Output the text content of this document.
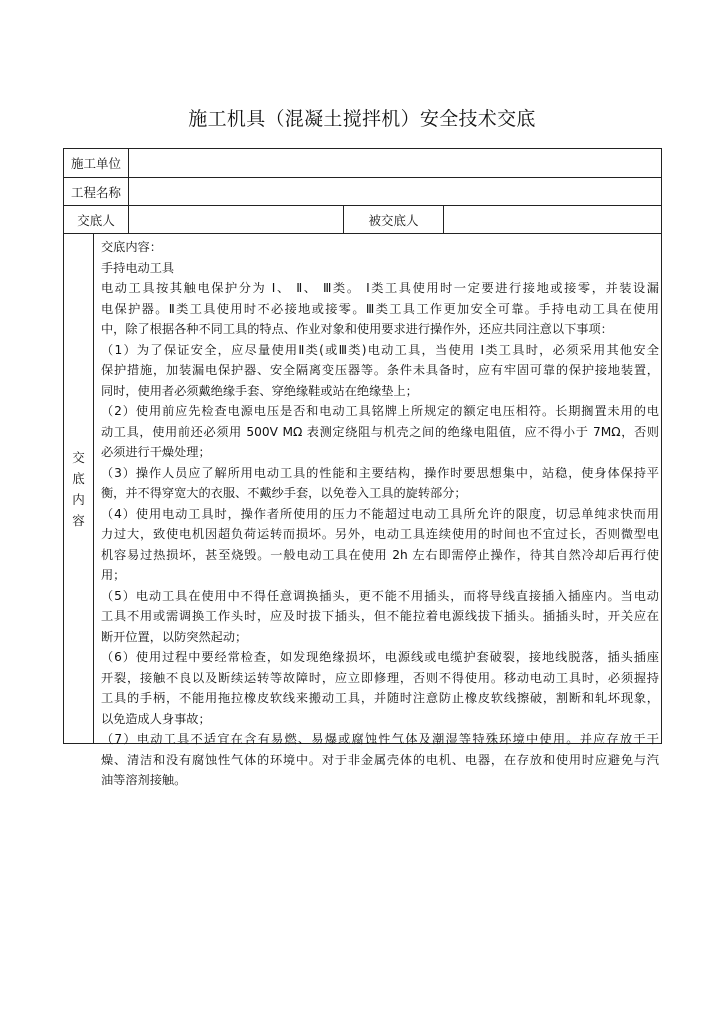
施工机具（混凝土搅拌机）安全技术交底
施工单位
工程名称
交底人	被交底人
交
底
内
容
交底内容：
手持电动工具
电动工具按其触电保护分为 Ⅰ、 Ⅱ、 Ⅲ类。 Ⅰ类工具使用时一定要进行接地或接零，并装设漏
电保护器。Ⅱ类工具使用时不必接地或接零。Ⅲ类工具工作更加安全可靠。手持电动工具在使用
中，除了根据各种不同工具的特点、作业对象和使用要求进行操作外，还应共同注意以下事项：
（1）为了保证安全，应尽量使用Ⅱ类(或Ⅲ类)电动工具，当使用 Ⅰ类工具时，必须采用其他安全
保护措施，加装漏电保护器、安全隔离变压器等。条件未具备时，应有牢固可靠的保护接地装置，
同时，使用者必须戴绝缘手套、穿绝缘鞋或站在绝缘垫上；
（2）使用前应先检查电源电压是否和电动工具铭牌上所规定的额定电压相符。长期搁置未用的电
动工具，使用前还必须用 500V MΩ 表测定绕阻与机壳之间的绝缘电阻值，应不得小于 7MΩ，否则
必须进行干燥处理；
（3）操作人员应了解所用电动工具的性能和主要结构，操作时要思想集中，站稳，使身体保持平
衡，并不得穿宽大的衣服、不戴纱手套，以免卷入工具的旋转部分；
（4）使用电动工具时，操作者所使用的压力不能超过电动工具所允许的限度，切忌单纯求快而用
力过大，致使电机因超负荷运转而损坏。另外，电动工具连续使用的时间也不宜过长，否则微型电
机容易过热损坏，甚至烧毁。一般电动工具在使用 2h 左右即需停止操作，待其自然冷却后再行使
用；
（5）电动工具在使用中不得任意调换插头，更不能不用插头，而将导线直接插入插座内。当电动
工具不用或需调换工作头时，应及时拔下插头，但不能拉着电源线拔下插头。插插头时，开关应在
断开位置，以防突然起动；
（6）使用过程中要经常检查，如发现绝缘损坏，电源线或电缆护套破裂，接地线脱落，插头插座
开裂，接触不良以及断续运转等故障时，应立即修理，否则不得使用。移动电动工具时，必须握持
工具的手柄，不能用拖拉橡皮软线来搬动工具，并随时注意防止橡皮软线擦破，割断和轧坏现象，
以免造成人身事故；
（7）电动工具不适宜在含有易燃、易爆或腐蚀性气体及潮湿等特殊环境中使用。并应存放于干
燥、清洁和没有腐蚀性气体的环境中。对于非金属壳体的电机、电器，在存放和使用时应避免与汽
油等溶剂接触。
